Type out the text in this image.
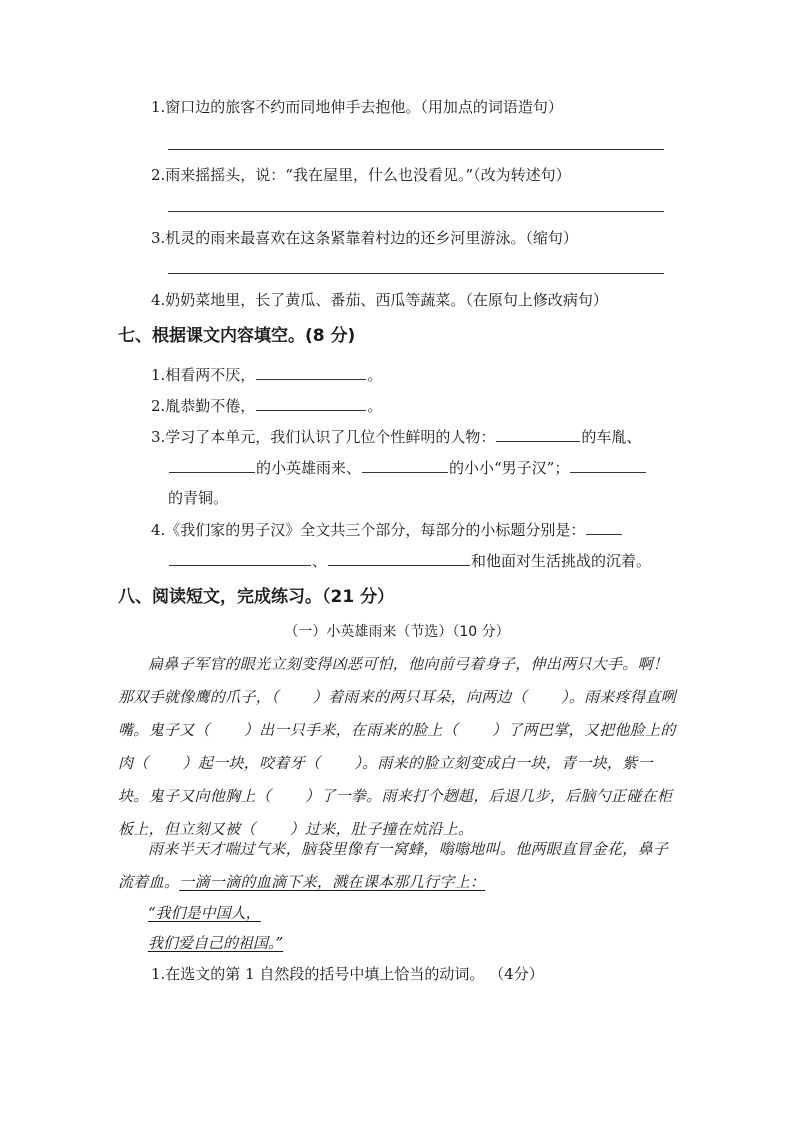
1.窗口边的旅客不约而同地伸手去抱他。（用加点的词语造句）
2.雨来摇摇头，说：“我在屋里，什么也没看见。”（改为转述句）
3.机灵的雨来最喜欢在这条紧靠着村边的还乡河里游泳。（缩句）
4.奶奶菜地里，长了黄瓜、番茄、西瓜等蔬菜。（在原句上修改病句）
七、根据课文内容填空。(8 分)
1.相看两不厌，	。
2.胤恭勤不倦，	。
3.学习了本单元，我们认识了几位个性鲜明的人物：	的车胤、
的小英雄雨来、	的小小“男子汉”；
的青铜。
4.《我们家的男子汉》全文共三个部分，每部分的小标题分别是：
、	和他面对生活挑战的沉着。
八、阅读短文，完成练习。（21 分）
（一）小英雄雨来（节选）（10 分）

扁鼻子军官的眼光立刻变得凶恶可怕，他向前弓着身子，伸出两只大手。啊！那双手就像鹰的爪子，（ ）着雨来的两只耳朵，向两边（ ）。雨来疼得直咧嘴。鬼子又（ ）出一只手来，在雨来的脸上（ ）了两巴掌，又把他脸上的肉（ ）起一块，咬着牙（ ）。雨来的脸立刻变成白一块，青一块，紫一块。鬼子又向他胸上（ ）了一拳。雨来打个趔趄，后退几步，后脑勺正碰在柜板上，但立刻又被（ ）过来，肚子撞在炕沿上。

雨来半天才喘过气来，脑袋里像有一窝蜂，嗡嗡地叫。他两眼直冒金花，鼻子流着血。一滴一滴的血滴下来，溅在课本那几行字上：

“我们是中国人，
我们爱自己的祖国。”
1.在选文的第 1 自然段的括号中填上恰当的动词。 （4分）
